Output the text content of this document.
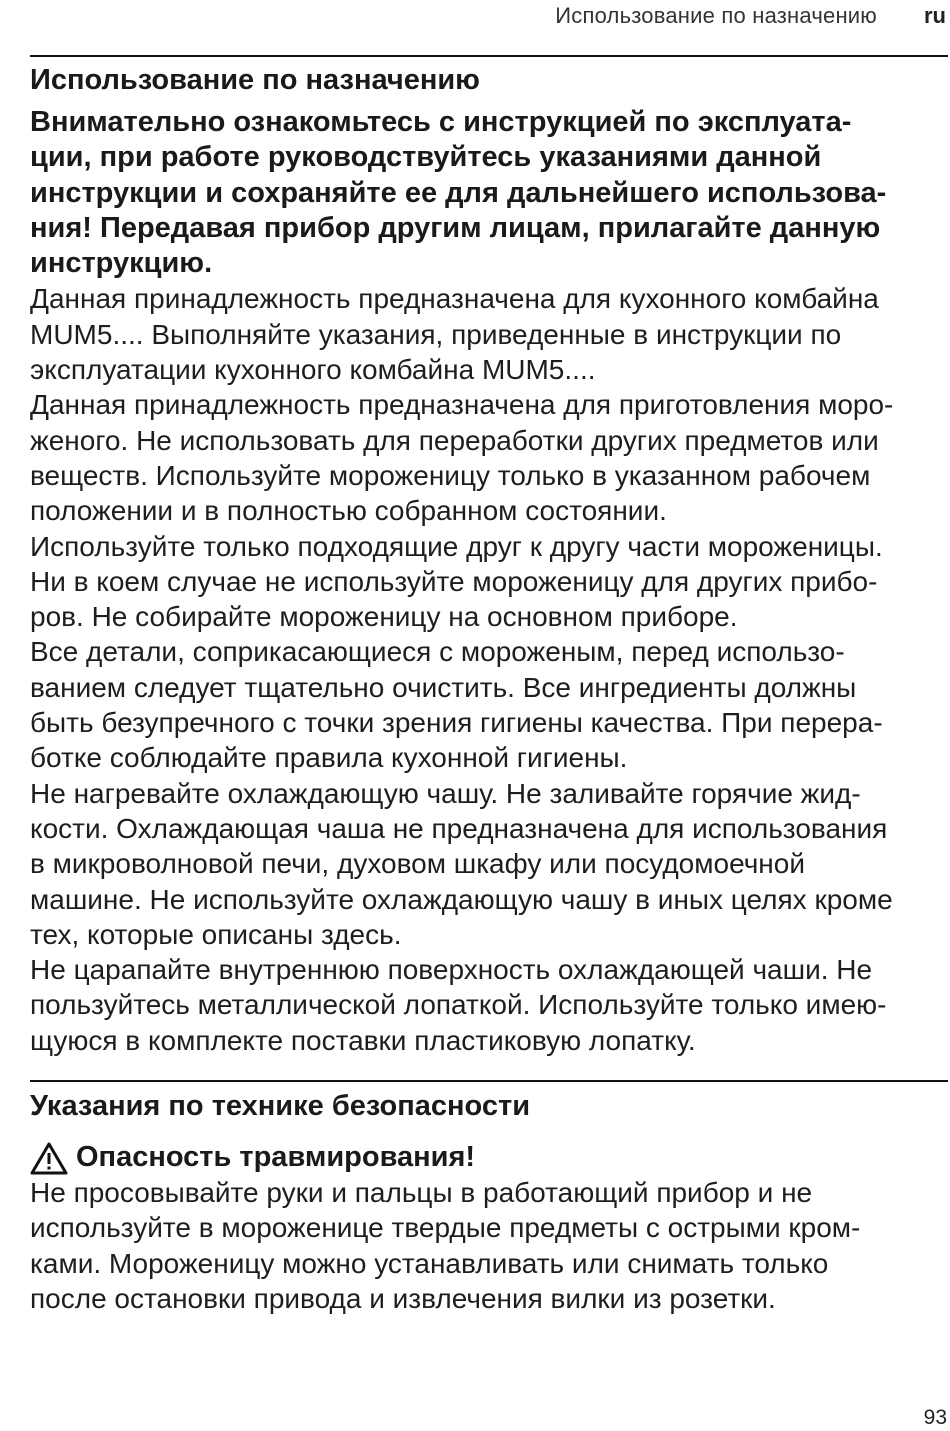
Использование по назначению ru
Использование по назначению
Внимательно ознакомьтесь с инструкцией по эксплуата-
ции, при работе руководствуйтесь указаниями данной
инструкции и сохраняйте ее для дальнейшего использова-
ния! Передавая прибор другим лицам, прилагайте данную
инструкцию.
Данная принадлежность предназначена для кухонного комбайна
MUM5.... Выполняйте указания, приведенные в инструкции по
эксплуатации кухонного комбайна MUM5....
Данная принадлежность предназначена для приготовления моро-
женого. Не использовать для переработки других предметов или
веществ. Используйте мороженицу только в указанном рабочем
положении и в полностью собранном состоянии.
Используйте только подходящие друг к другу части мороженицы.
Ни в коем случае не используйте мороженицу для других прибо-
ров. Не собирайте мороженицу на основном приборе.
Все детали, соприкасающиеся с мороженым, перед использо-
ванием следует тщательно очистить. Все ингредиенты должны
быть безупречного с точки зрения гигиены качества. При перера-
ботке соблюдайте правила кухонной гигиены.
Не нагревайте охлаждающую чашу. Не заливайте горячие жид-
кости. Охлаждающая чаша не предназначена для использования
в микроволновой печи, духовом шкафу или посудомоечной
машине. Не используйте охлаждающую чашу в иных целях кроме
тех, которые описаны здесь.
Не царапайте внутреннюю поверхность охлаждающей чаши. Не
пользуйтесь металлической лопаткой. Используйте только имею-
щуюся в комплекте поставки пластиковую лопатку.
Указания по технике безопасности
Опасность травмирования!
Не просовывайте руки и пальцы в работающий прибор и не
используйте в мороженице твердые предметы с острыми кром-
ками. Мороженицу можно устанавливать или снимать только
после остановки привода и извлечения вилки из розетки.
93
